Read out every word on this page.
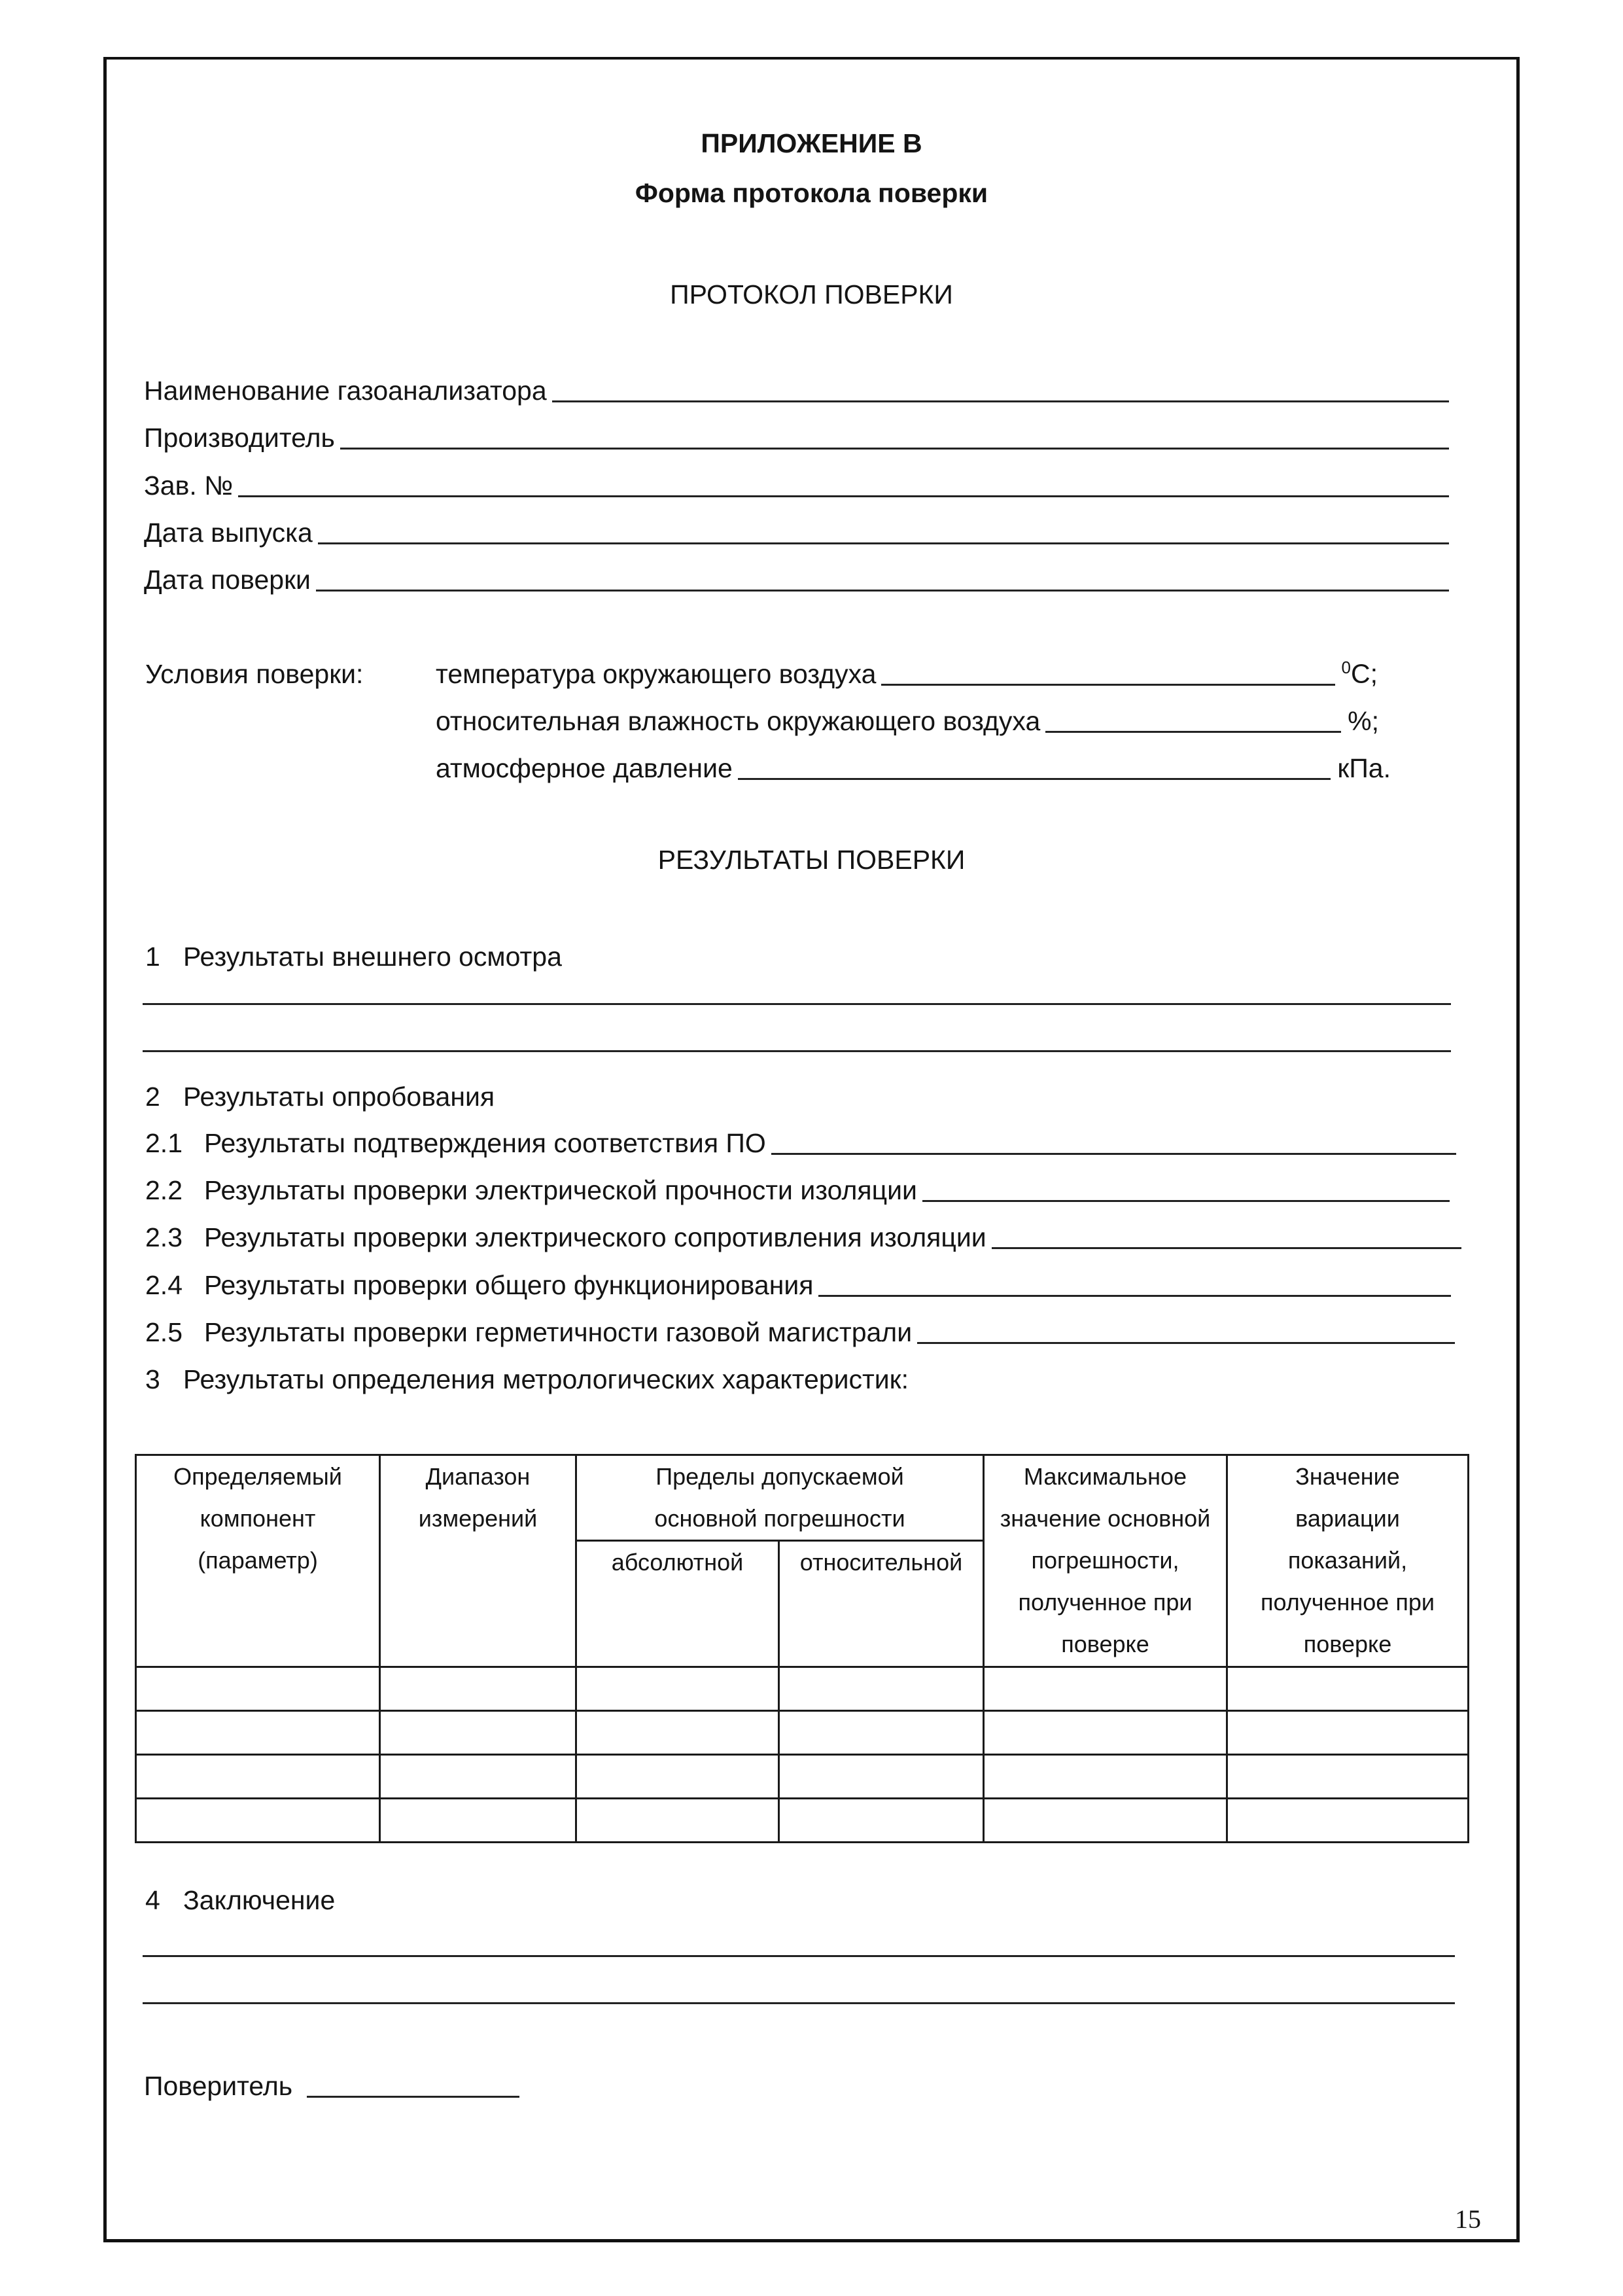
ПРИЛОЖЕНИЕ В
Форма протокола поверки
ПРОТОКОЛ ПОВЕРКИ
Наименование газоанализатора
Производитель
Зав. №
Дата выпуска
Дата поверки
Условия поверки:	температура окружающего воздуха	$^0$С;
относительная влажность окружающего воздуха	%;
атмосферное давление	кПа.
РЕЗУЛЬТАТЫ ПОВЕРКИ
1 Результаты внешнего осмотра
2 Результаты опробования
2.1 Результаты подтверждения соответствия ПО
2.2 Результаты проверки электрической прочности изоляции
2.3 Результаты проверки электрического сопротивления изоляции
2.4 Результаты проверки общего функционирования
2.5 Результаты проверки герметичности газовой магистрали
3 Результаты определения метрологических характеристик:
Определяемый компонент (параметр)	Диапазон измерений	Пределы допускаемой основной погрешности		Максимальное значение основной погрешности, полученное при поверке	Значение вариации показаний, полученное при поверке
		абсолютной	относительной		

4 Заключение
Поверитель
15
